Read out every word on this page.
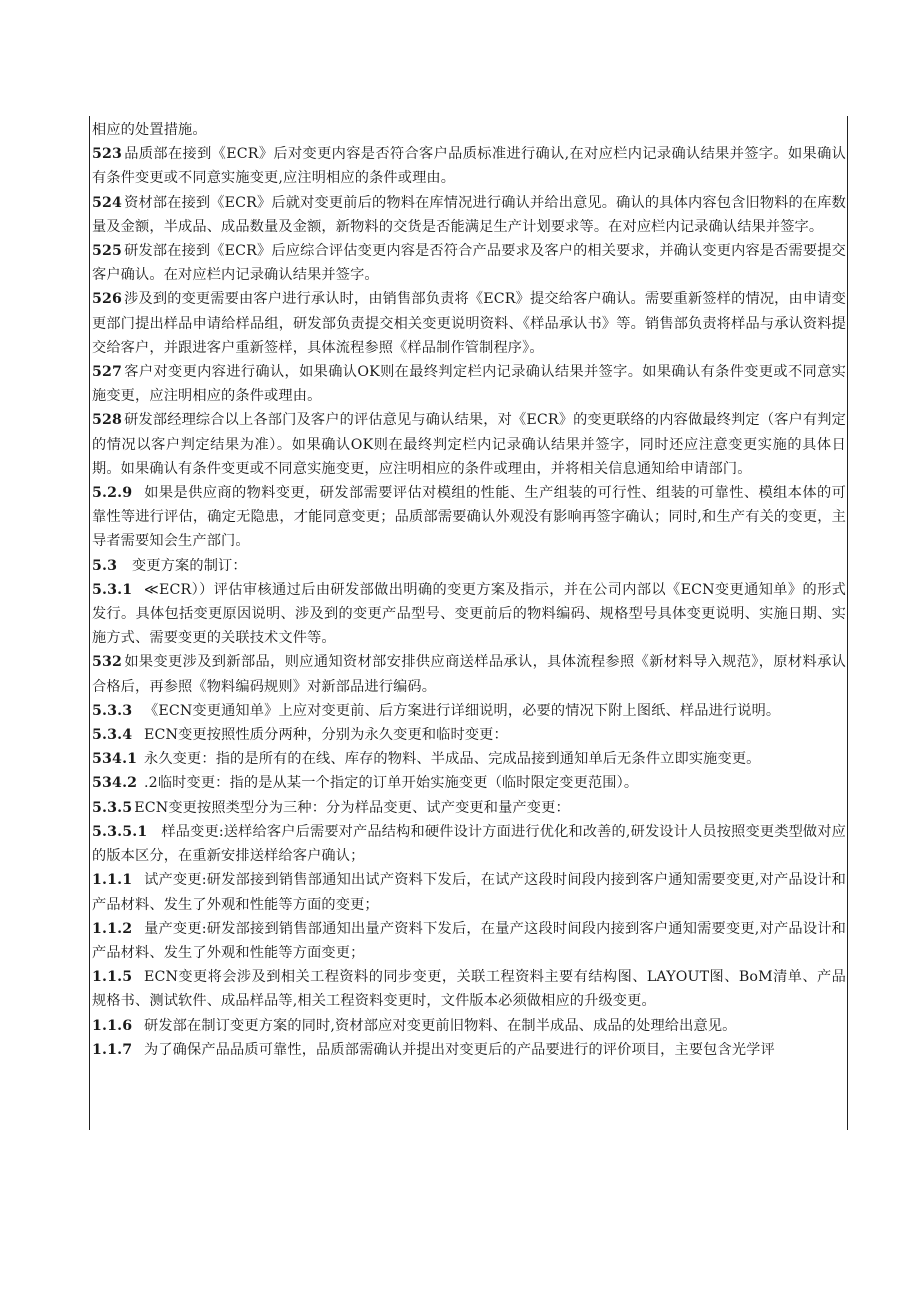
相应的处置措施。

523 品质部在接到《ECR》后对变更内容是否符合客户品质标准进行确认,在对应栏内记录确认结果并签字。如果确认有条件变更或不同意实施变更,应注明相应的条件或理由。

524 资材部在接到《ECR》后就对变更前后的物料在库情况进行确认并给出意见。确认的具体内容包含旧物料的在库数量及金额，半成品、成品数量及金额，新物料的交货是否能满足生产计划要求等。在对应栏内记录确认结果并签字。

525 研发部在接到《ECR》后应综合评估变更内容是否符合产品要求及客户的相关要求，并确认变更内容是否需要提交客户确认。在对应栏内记录确认结果并签字。

526 涉及到的变更需要由客户进行承认时，由销售部负责将《ECR》提交给客户确认。需要重新签样的情况，由申请变更部门提出样品申请给样品组，研发部负责提交相关变更说明资料、《样品承认书》等。销售部负责将样品与承认资料提交给客户，并跟进客户重新签样，具体流程参照《样品制作管制程序》。

527 客户对变更内容进行确认，如果确认OK则在最终判定栏内记录确认结果并签字。如果确认有条件变更或不同意实施变更，应注明相应的条件或理由。

528 研发部经理综合以上各部门及客户的评估意见与确认结果，对《ECR》的变更联络的内容做最终判定（客户有判定的情况以客户判定结果为准）。如果确认OK则在最终判定栏内记录确认结果并签字，同时还应注意变更实施的具体日期。如果确认有条件变更或不同意实施变更，应注明相应的条件或理由，并将相关信息通知给申请部门。

5.2.9 如果是供应商的物料变更，研发部需要评估对模组的性能、生产组装的可行性、组装的可靠性、模组本体的可靠性等进行评估，确定无隐患，才能同意变更；品质部需要确认外观没有影响再签字确认；同时,和生产有关的变更，主导者需要知会生产部门。

5.3 变更方案的制订：

5.3.1 ≪ECR））评估审核通过后由研发部做出明确的变更方案及指示，并在公司内部以《ECN变更通知单》的形式发行。具体包括变更原因说明、涉及到的变更产品型号、变更前后的物料编码、规格型号具体变更说明、实施日期、实施方式、需要变更的关联技术文件等。

532 如果变更涉及到新部品，则应通知资材部安排供应商送样品承认，具体流程参照《新材料导入规范》，原材料承认合格后，再参照《物料编码规则》对新部品进行编码。

5.3.3 《ECN变更通知单》上应对变更前、后方案进行详细说明，必要的情况下附上图纸、样品进行说明。

5.3.4 ECN变更按照性质分两种，分别为永久变更和临时变更：

534.1 永久变更：指的是所有的在线、库存的物料、半成品、完成品接到通知单后无条件立即实施变更。

534.2 .2临时变更：指的是从某一个指定的订单开始实施变更（临时限定变更范围）。

5.3.5 ECN变更按照类型分为三种：分为样品变更、试产变更和量产变更：

5.3.5.1 样品变更:送样给客户后需要对产品结构和硬件设计方面进行优化和改善的,研发设计人员按照变更类型做对应的版本区分，在重新安排送样给客户确认；

1.1.1 试产变更:研发部接到销售部通知出试产资料下发后，在试产这段时间段内接到客户通知需要变更,对产品设计和产品材料、发生了外观和性能等方面的变更；

1.1.2 量产变更:研发部接到销售部通知出量产资料下发后，在量产这段时间段内接到客户通知需要变更,对产品设计和产品材料、发生了外观和性能等方面变更；

1.1.5 ECN变更将会涉及到相关工程资料的同步变更，关联工程资料主要有结构图、LAYOUT图、BoM清单、产品规格书、测试软件、成品样品等,相关工程资料变更时，文件版本必须做相应的升级变更。

1.1.6 研发部在制订变更方案的同时,资材部应对变更前旧物料、在制半成品、成品的处理给出意见。

1.1.7 为了确保产品品质可靠性，品质部需确认并提出对变更后的产品要进行的评价项目，主要包含光学评
